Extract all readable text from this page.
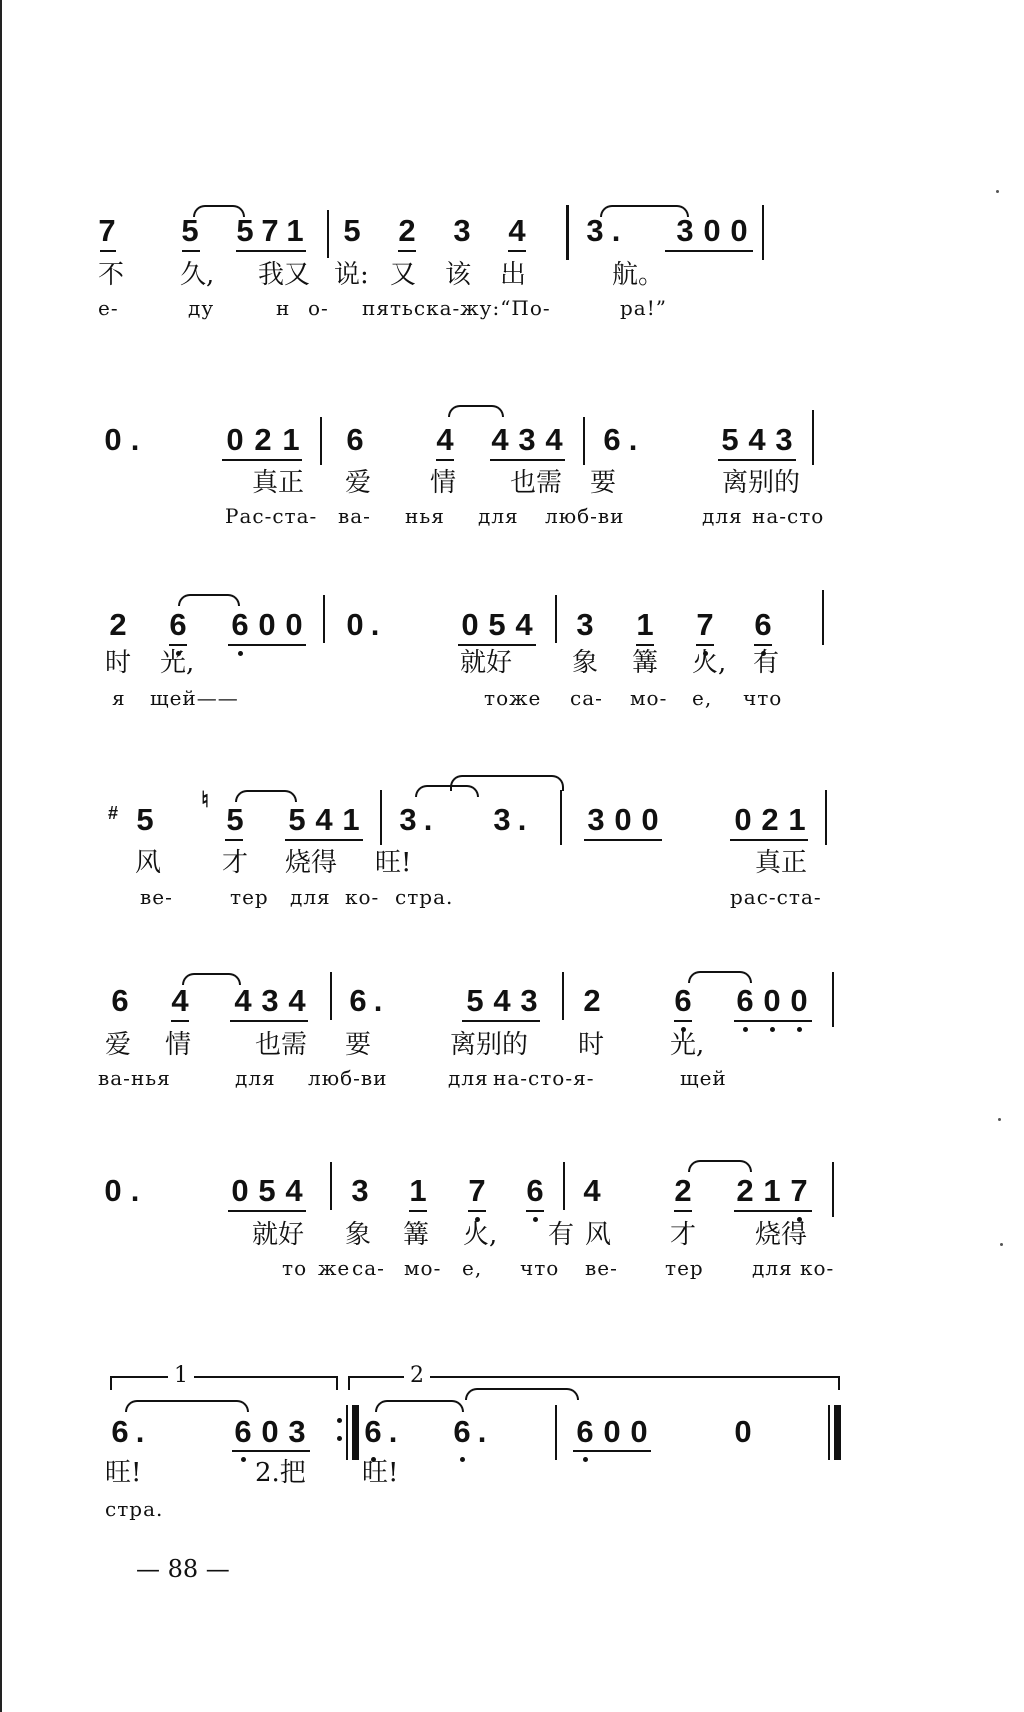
7	5	5 7 1	5	2	3	4	3 .	3 0 0
不 久, 我又 说: 又 该 出	航。
е-	ду	н о- пятьска-жу:“По-	ра!”
0 .	0 2 1	6	4	4 3 4	6 .	5 4 3
真正 爱 情 也需 要	离别的
Рас-ста- ва- нья для люб-ви	для на-сто
2	6	6 0 0	0 .	0 5 4	3	1	7	6
时 光,	就好 象 篝 火, 有
я щей——	тоже са- мо- е, что
# 5
♮
5	5 4 1	3 .	3 .	3 0 0	0 2 1
风 才 烧得 旺!	真正
ве-	тер для ко- стра.	рас-ста-
6	4	4 3 4	6 .	5 4 3	2	6	6 0 0
爱 情 也需 要	离别的 时	光,
ва-нья	для люб-ви	для на-сто-я-	щей
0 .	0 5 4	3	1	7	6	4	2	2 1 7
就好 象 篝 火, 有 风 才 烧得
то же са- мо- е, что ве- тер для ко-
1	2
6 .	6 0 3	6 .	6 .	6 0 0	0
旺!	2.把 旺!
стра.
— 88 —
